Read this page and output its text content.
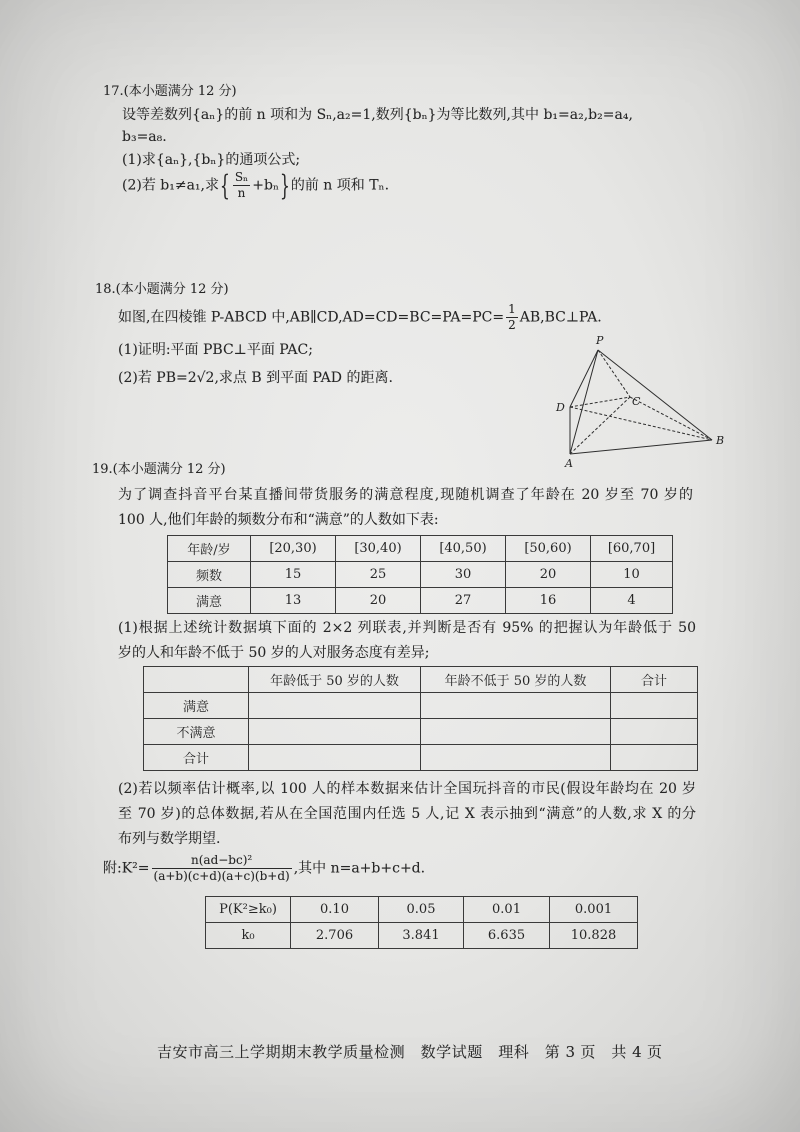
17.(本小题满分 12 分)
设等差数列{aₙ}的前 n 项和为 Sₙ,a₂=1,数列{bₙ}为等比数列,其中 b₁=a₂,b₂=a₄,
b₃=a₈.
(1)求{aₙ},{bₙ}的通项公式;
(2)若 b₁≠a₁,求{ $\frac{\text{Sₙ}}{n} +b_n$}的前 n 项和 Tₙ.
18.(本小题满分 12 分)
如图,在四棱锥 P-ABCD 中,AB∥CD,AD=CD=BC=PA=PC= $\frac{1}{2}$ AB,BC⊥PA.
(1)证明:平面 PBC⊥平面 PAC;
(2)若 PB=2√2,求点 B 到平面 PAD 的距离.
P
D	C
A
B
19.(本小题满分 12 分)
为了调查抖音平台某直播间带货服务的满意程度,现随机调查了年龄在 20 岁至 70 岁的
100 人,他们年龄的频数分布和“满意”的人数如下表:
年龄/岁	[20,30)	[30,40)	[40,50)	[50,60)	[60,70]
频数	15	25	30	20	10
满意	13	20	27	16	4
(1)根据上述统计数据填下面的 2×2 列联表,并判断是否有 95% 的把握认为年龄低于 50
岁的人和年龄不低于 50 岁的人对服务态度有差异;
	年龄低于 50 岁的人数	年龄不低于 50 岁的人数	合计
满意			
不满意			
合计			
(2)若以频率估计概率,以 100 人的样本数据来估计全国玩抖音的市民(假设年龄均在 20 岁
至 70 岁)的总体数据,若从在全国范围内任选 5 人,记 X 表示抽到“满意”的人数,求 X 的分
布列与数学期望.
附:K²= $\frac{\text{n(ad−bc)²}}{(a+b)(c+d)(a+c)(b+d)}$ ,其中 n=a+b+c+d.
P(K²≥k₀)	0.10	0.05	0.01	0.001
k₀	2.706	3.841	6.635	10.828
吉安市高三上学期期末教学质量检测　数学试题　理科　第 3 页　共 4 页
